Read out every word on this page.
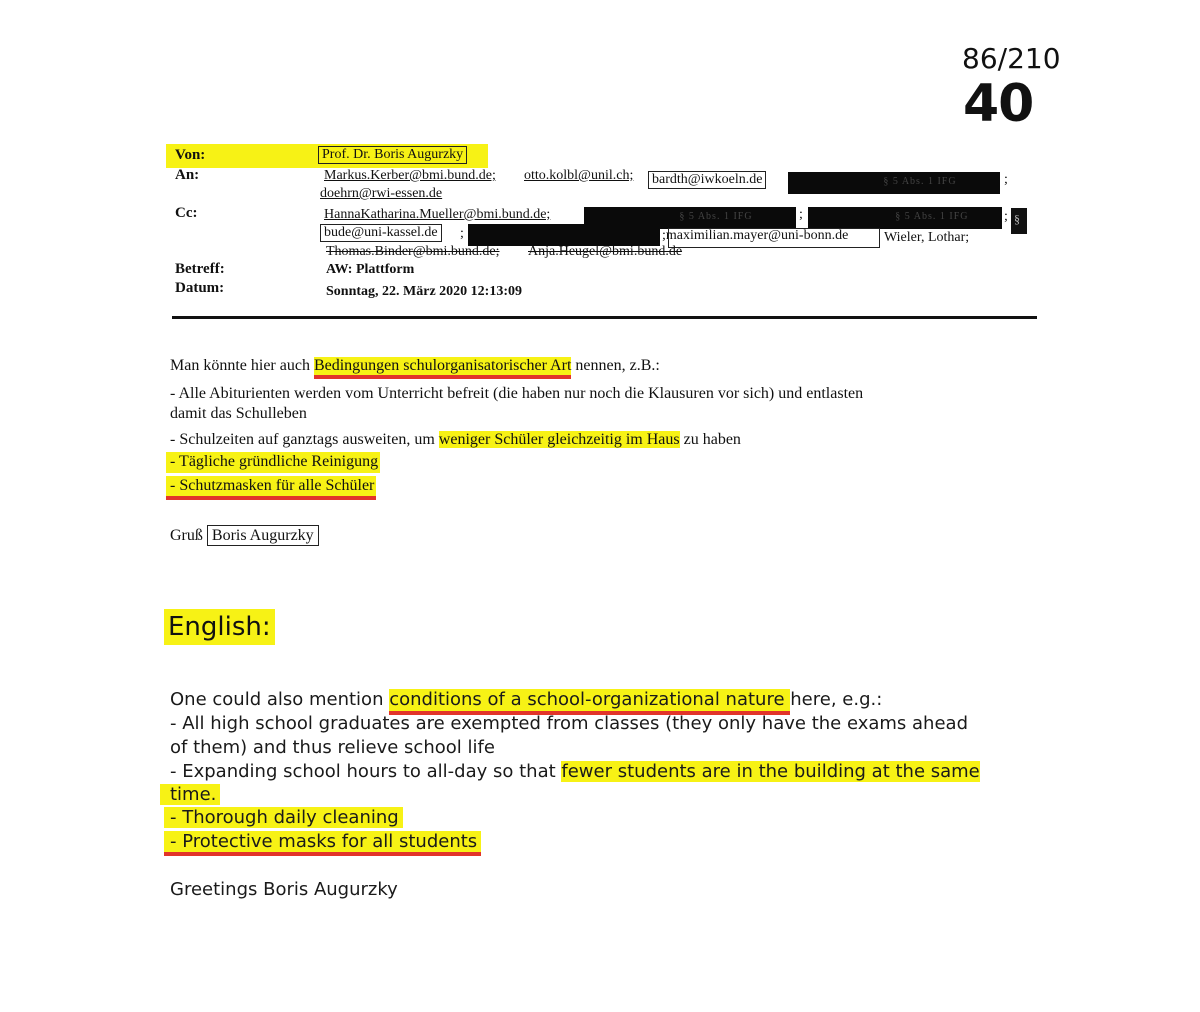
86/210
40
Von:	Prof. Dr. Boris Augurzky
An:	Markus.Kerber@bmi.bund.de; otto.kolbl@unil.ch; bardth@iwkoeln.de	§ 5 Abs. 1 IFG	;
doehrn@rwi-essen.de
Cc:	HannaKatharina.Mueller@bmi.bund.de;	§ 5 Abs. 1 IFG	;	§ 5 Abs. 1 IFG	; §
bude@uni-kassel.de ;	;maximilian.mayer@uni-bonn.de	Wieler, Lothar;
Thomas.Binder@bmi.bund.de; Anja.Heugel@bmi.bund.de
Betreff:	AW: Plattform
Datum:	Sonntag, 22. März 2020 12:13:09
Man könnte hier auch Bedingungen schulorganisatorischer Art nennen, z.B.:
- Alle Abiturienten werden vom Unterricht befreit (die haben nur noch die Klausuren vor sich) und entlasten
damit das Schulleben
- Schulzeiten auf ganztags ausweiten, um weniger Schüler gleichzeitig im Haus zu haben
- Tägliche gründliche Reinigung
- Schutzmasken für alle Schüler
Gruß Boris Augurzky
English:
One could also mention conditions of a school-organizational nature here, e.g.:
- All high school graduates are exempted from classes (they only have the exams ahead
of them) and thus relieve school life
- Expanding school hours to all-day so that fewer students are in the building at the same
time.
- Thorough daily cleaning
- Protective masks for all students
Greetings Boris Augurzky
